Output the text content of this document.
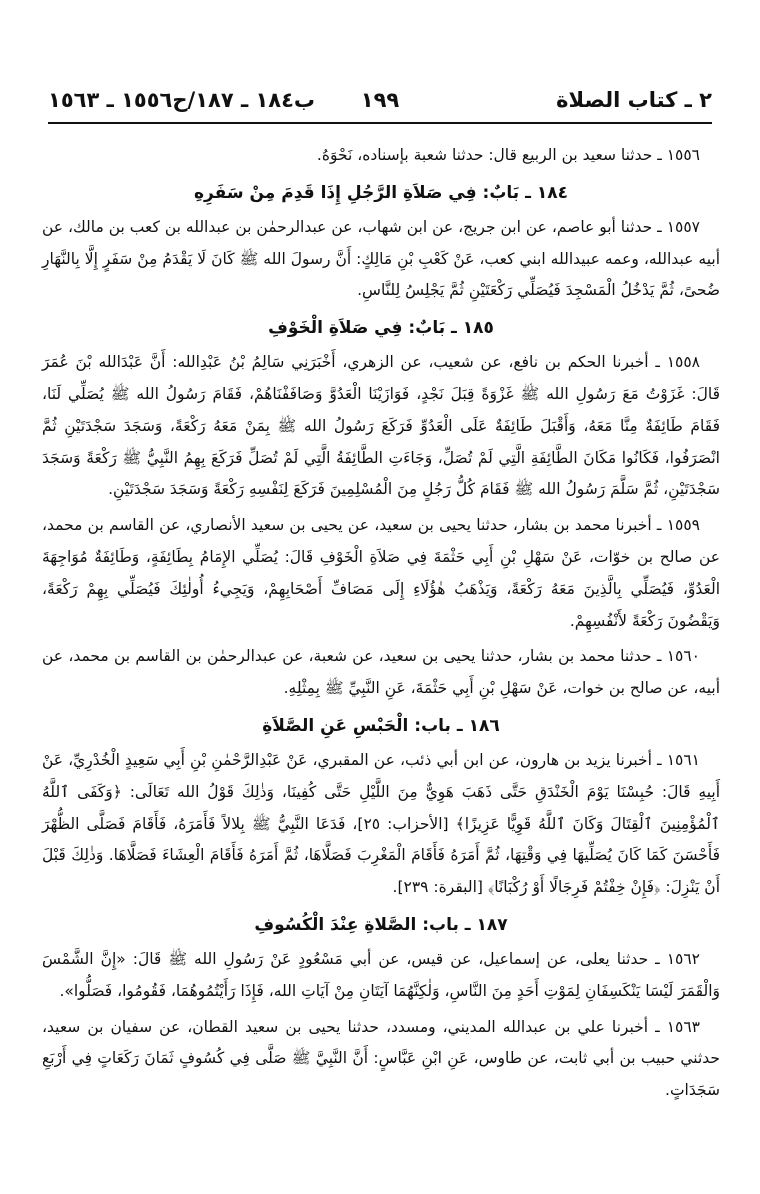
٢ ـ كتاب الصلاة
١٩٩
ب١٨٤ ـ ١٨٧/ح١٥٥٦ ـ ١٥٦٣

١٥٥٦ ـ حدثنا سعيد بن الربيع قال: حدثنا شعبة بإسناده، نَحْوَهُ.

١٨٤ ـ بَابٌ: فِي صَلاَةِ الرَّجُلِ إِذَا قَدِمَ مِنْ سَفَرِهِ

١٥٥٧ ـ حدثنا أبو عاصم، عن ابن جريج، عن ابن شهاب، عن عبدالرحمٰن بن عبدالله بن كعب بن مالك، عن أبيه عبدالله، وعمه عبيدالله ابني كعب، عَنْ كَعْبِ بْنِ مَالِكٍ: أَنَّ رسولَ الله ﷺ كَانَ لَا يَقْدَمُ مِنْ سَفَرٍ إِلَّا بِالنَّهَارِ ضُحىً، ثُمَّ يَدْخُلُ الْمَسْجِدَ فَيُصَلِّي رَكْعَتَيْنِ ثُمَّ يَجْلِسُ لِلنَّاسِ.

١٨٥ ـ بَابٌ: فِي صَلاَةِ الْخَوْفِ

١٥٥٨ ـ أخبرنا الحكم بن نافع، عن شعيب، عن الزهري، أَخْبَرَنِي سَالِمُ بْنُ عَبْدِالله: أَنَّ عَبْدَالله بْنَ عُمَرَ قَالَ: غَزَوْتُ مَعَ رَسُولِ الله ﷺ غَزْوَةً قِبَلَ نَجْدٍ، فَوَازَيْنَا الْعَدُوَّ وَصَافَفْنَاهُمْ، فَقَامَ رَسُولُ الله ﷺ يُصَلِّي لَنَا، فَقَامَ طَائِفَةٌ مِنَّا مَعَهُ، وَأَقْبَلَ طَائِفَةٌ عَلَى الْعَدُوِّ فَرَكَعَ رَسُولُ الله ﷺ بِمَنْ مَعَهُ رَكْعَةً، وَسَجَدَ سَجْدَتَيْنِ ثُمَّ انْصَرَفُوا، فَكَانُوا مَكَانَ الطَّائِفَةِ الَّتِي لَمْ تُصَلِّ، وَجَاءَتِ الطَّائِفَةُ الَّتِي لَمْ تُصَلِّ فَرَكَعَ بِهِمُ النَّبِيُّ ﷺ رَكْعَةً وَسَجَدَ سَجْدَتَيْنِ، ثُمَّ سَلَّمَ رَسُولُ الله ﷺ فَقَامَ كُلُّ رَجُلٍ مِنَ الْمُسْلِمِينَ فَرَكَعَ لِنَفْسِهِ رَكْعَةً وَسَجَدَ سَجْدَتَيْنِ.

١٥٥٩ ـ أخبرنا محمد بن بشار، حدثنا يحيى بن سعيد، عن يحيى بن سعيد الأنصاري، عن القاسم بن محمد، عن صالح بن خوّات، عَنْ سَهْلِ بْنِ أَبِي حَثْمَةَ فِي صَلاَةِ الْخَوْفِ قَالَ: يُصَلِّي الإِمَامُ بِطَائِفَةٍ، وَطَائِفَةٌ مُوَاجِهَةَ الْعَدُوِّ، فَيُصَلِّي بِالَّذِينَ مَعَهُ رَكْعَةً، وَيَذْهَبُ هٰؤُلَاءِ إِلَى مَصَافِّ أَصْحَابِهِمْ، وَيَجِيءُ أُولٰئِكَ فَيُصَلِّي بِهِمْ رَكْعَةً، وَيَقْضُونَ رَكْعَةً لأَنْفُسِهِمْ.

١٥٦٠ ـ حدثنا محمد بن بشار، حدثنا يحيى بن سعيد، عن شعبة، عن عبدالرحمٰن بن القاسم بن محمد، عن أبيه، عن صالح بن خوات، عَنْ سَهْلِ بْنِ أَبِي حَثْمَةَ، عَنِ النَّبِيِّ ﷺ بِمِثْلِهِ.

١٨٦ ـ باب: الْحَبْسِ عَنِ الصَّلاَةِ

١٥٦١ ـ أخبرنا يزيد بن هارون، عن ابن أبي ذئب، عن المقبري، عَنْ عَبْدِالرَّحْمٰنِ بْنِ أَبِي سَعِيدٍ الْخُدْرِيِّ، عَنْ أَبِيهِ قَالَ: حُبِسْنَا يَوْمَ الْخَنْدَقِ حَتَّى ذَهَبَ هَوِيٌّ مِنَ اللَّيْلِ حَتَّى كُفِينَا، وَذٰلِكَ قَوْلُ الله تَعَالَى: ﴿وَكَفَى ٱللَّهُ ٱلْمُؤْمِنِينَ ٱلْقِتَالَ وَكَانَ ٱللَّهُ قَوِيًّا عَزِيزًا﴾ [الأحزاب: ٢٥]، فَدَعَا النَّبِيُّ ﷺ بِلالاً فَأَمَرَهُ، فَأَقَامَ فَصَلَّى الظُّهْرَ فَأَحْسَنَ كَمَا كَانَ يُصَلِّيهَا فِي وَقْتِهَا، ثُمَّ أَمَرَهُ فَأَقَامَ الْمَغْرِبَ فَصَلَّاهَا، ثُمَّ أَمَرَهُ فَأَقَامَ الْعِشَاءَ فَصَلَّاهَا. وَذٰلِكَ قَبْلَ أَنْ يَنْزِلَ: ﴿فَإِنْ خِفْتُمْ فَرِجَالًا أَوْ رُكْبَانًا﴾ [البقرة: ٢٣٩].

١٨٧ ـ باب: الصَّلاةِ عِنْدَ الْكُسُوفِ

١٥٦٢ ـ حدثنا يعلى، عن إسماعيل، عن قيس، عن أبي مَسْعُودٍ عَنْ رَسُولِ الله ﷺ قَالَ: «إِنَّ الشَّمْسَ وَالْقَمَرَ لَيْسَا يَنْكَسِفَانِ لِمَوْتِ أَحَدٍ مِنَ النَّاسِ، وَلٰكِنَّهُمَا آيَتَانِ مِنْ آيَاتِ الله، فَإِذَا رَأَيْتُمُوهُمَا، فَقُومُوا، فَصَلُّوا».

١٥٦٣ ـ أخبرنا علي بن عبدالله المديني، ومسدد، حدثنا يحيى بن سعيد القطان، عن سفيان بن سعيد، حدثني حبيب بن أبي ثابت، عن طاوس، عَنِ ابْنِ عَبَّاسٍ: أَنَّ النَّبِيَّ ﷺ صَلَّى فِي كُسُوفٍ ثَمَانَ رَكَعَاتٍ فِي أَرْبَعِ سَجَدَاتٍ.
